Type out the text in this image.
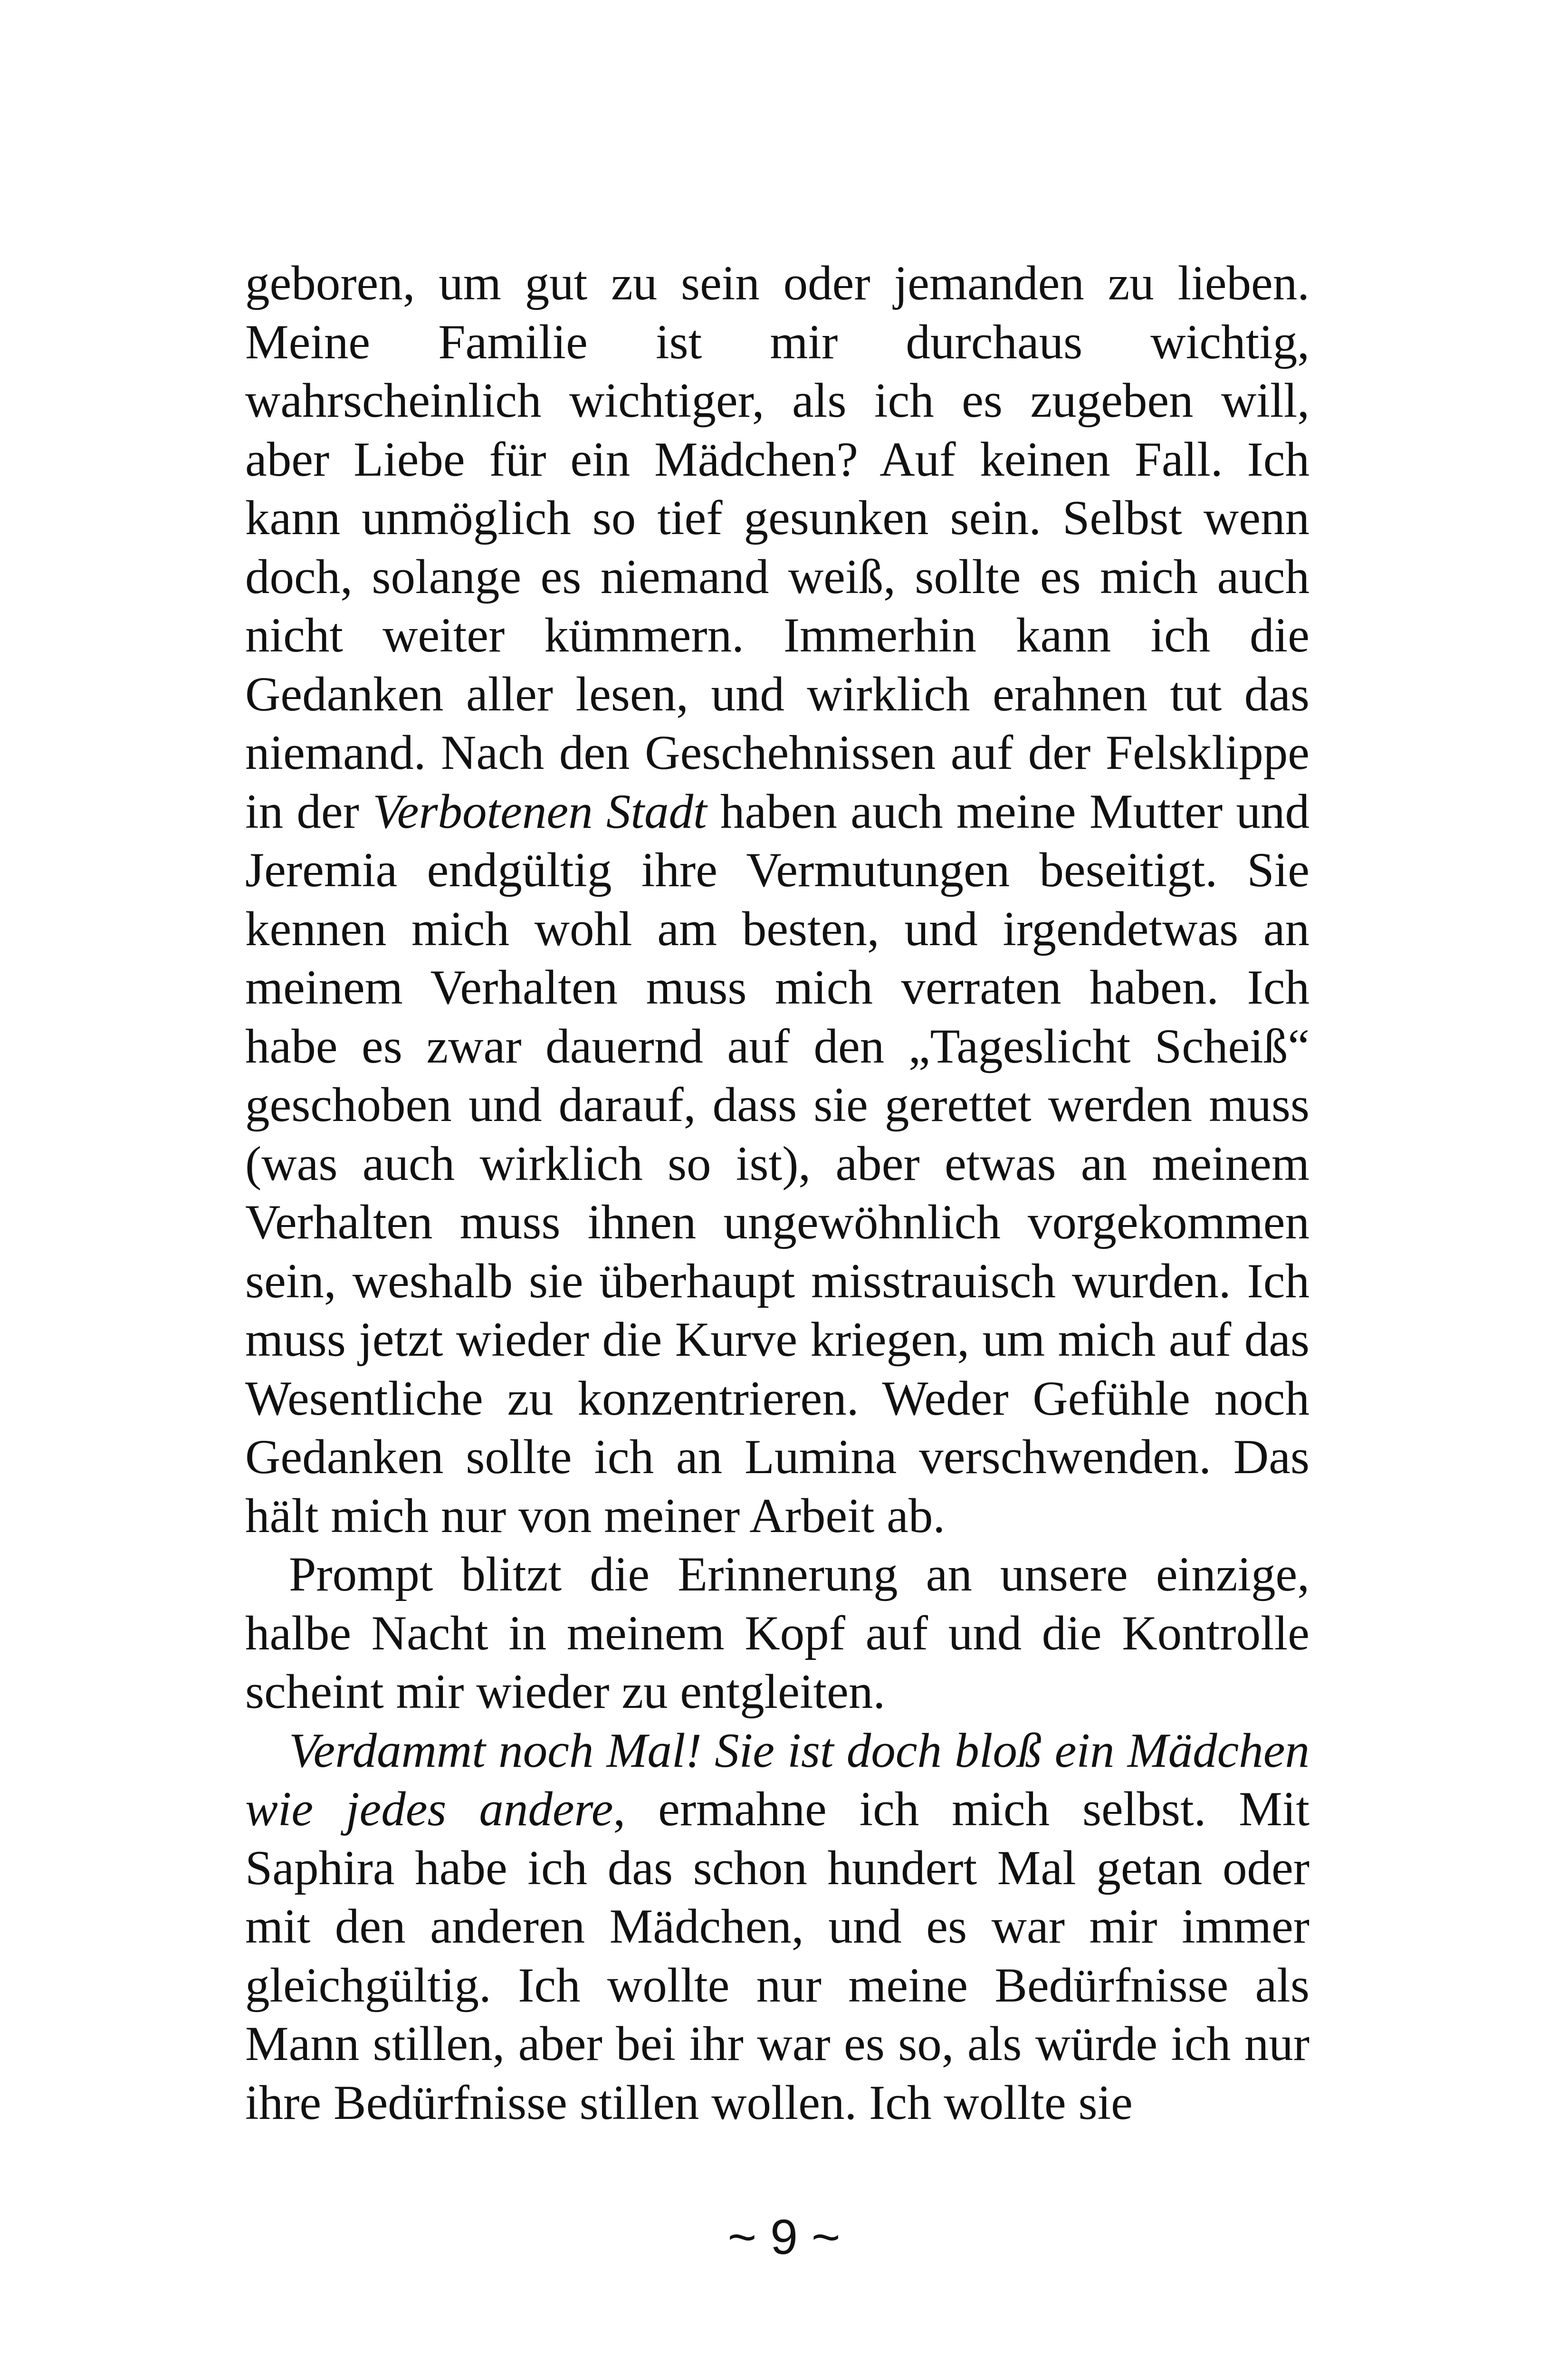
geboren, um gut zu sein oder jemanden zu lieben. Meine Familie ist mir durchaus wichtig, wahrscheinlich wichtiger, als ich es zugeben will, aber Liebe für ein Mädchen? Auf keinen Fall. Ich kann unmöglich so tief gesunken sein. Selbst wenn doch, solange es niemand weiß, sollte es mich auch nicht weiter kümmern. Immerhin kann ich die Gedanken aller lesen, und wirklich erahnen tut das niemand. Nach den Geschehnissen auf der Felsklippe in der Verbotenen Stadt haben auch meine Mutter und Jeremia endgültig ihre Vermutungen beseitigt. Sie kennen mich wohl am besten, und irgendetwas an meinem Verhalten muss mich verraten haben. Ich habe es zwar dauernd auf den „Tageslicht Scheiß“ geschoben und darauf, dass sie gerettet werden muss (was auch wirklich so ist), aber etwas an meinem Verhalten muss ihnen ungewöhnlich vorgekommen sein, weshalb sie überhaupt misstrauisch wurden. Ich muss jetzt wieder die Kurve kriegen, um mich auf das Wesentliche zu konzentrieren. Weder Gefühle noch Gedanken sollte ich an Lumina verschwenden. Das hält mich nur von meiner Arbeit ab.

Prompt blitzt die Erinnerung an unsere einzige, halbe Nacht in meinem Kopf auf und die Kontrolle scheint mir wieder zu entgleiten.

Verdammt noch Mal! Sie ist doch bloß ein Mädchen wie jedes andere, ermahne ich mich selbst. Mit Saphira habe ich das schon hundert Mal getan oder mit den anderen Mädchen, und es war mir immer gleichgültig. Ich wollte nur meine Bedürfnisse als Mann stillen, aber bei ihr war es so, als würde ich nur ihre Bedürfnisse stillen wollen. Ich wollte sie

~ 9 ~
